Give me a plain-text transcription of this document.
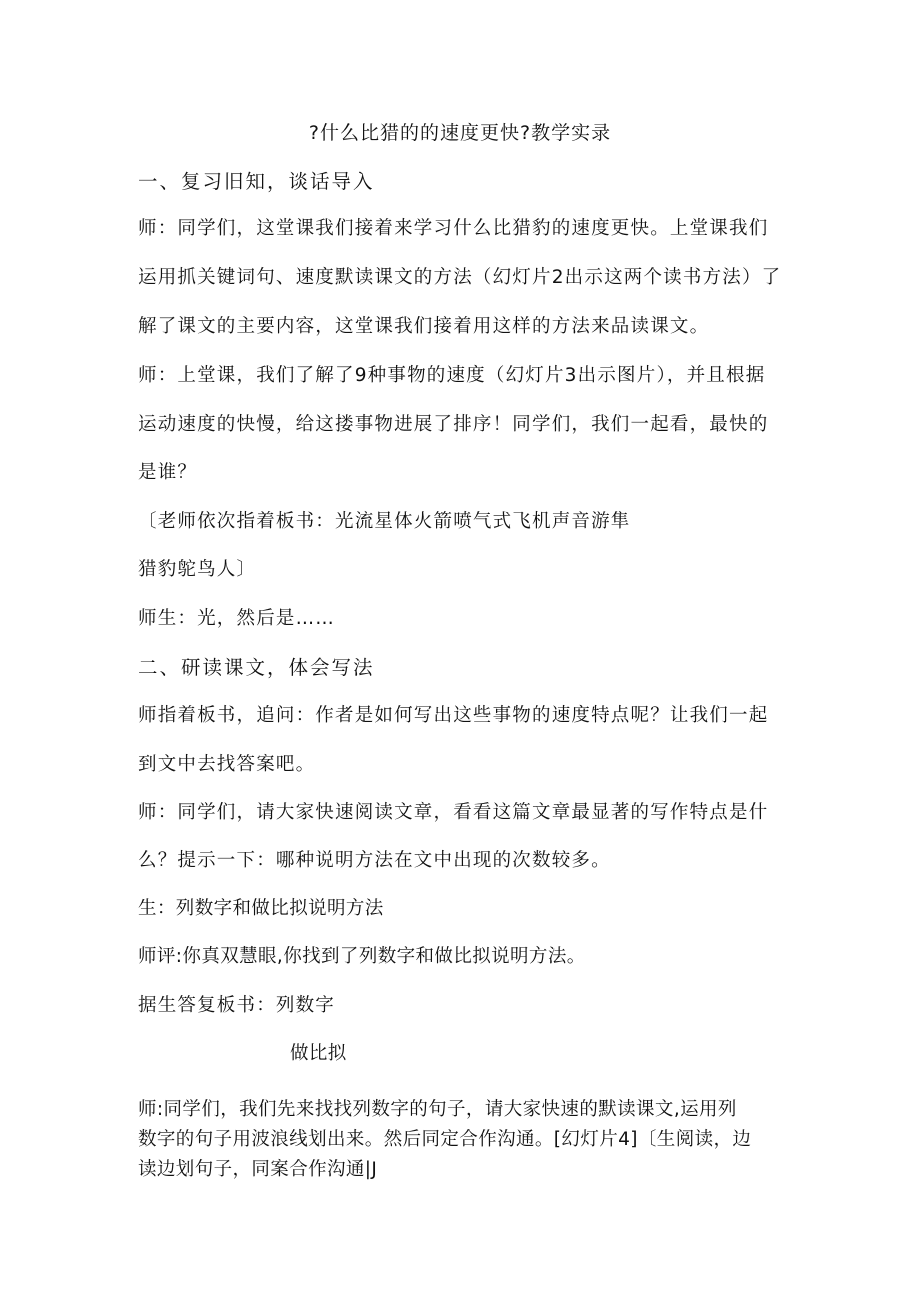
?什么比猎的的速度更快?教学实录
一、复习旧知，谈话导入
师：同学们，这堂课我们接着来学习什么比猎豹的速度更快。上堂课我们
运用抓关键词句、速度默读课文的方法（幻灯片2出示这两个读书方法）了
解了课文的主要内容，这堂课我们接着用这样的方法来品读课文。
师：上堂课，我们了解了9种事物的速度（幻灯片3出示图片），并且根据
运动速度的快慢，给这搂事物进展了排序！同学们，我们一起看，最快的
是谁？
〔老师依次指着板书：光流星体火箭喷气式飞机声音游隼
猎豹鸵鸟人〕
师生：光，然后是……
二、研读课文，体会写法
师指着板书，追问：作者是如何写出这些事物的速度特点呢？让我们一起
到文中去找答案吧。
师：同学们，请大家快速阅读文章，看看这篇文章最显著的写作特点是什
么？提示一下：哪种说明方法在文中出现的次数较多。
生：列数字和做比拟说明方法
师评:你真双慧眼,你找到了列数字和做比拟说明方法。
据生答复板书：列数字
做比拟
师:同学们，我们先来找找列数字的句子，请大家快速的默读课文,运用列
数字的句子用波浪线划出来。然后同定合作沟通。[幻灯片4]〔生阅读，边
读边划句子，同案合作沟通|J
